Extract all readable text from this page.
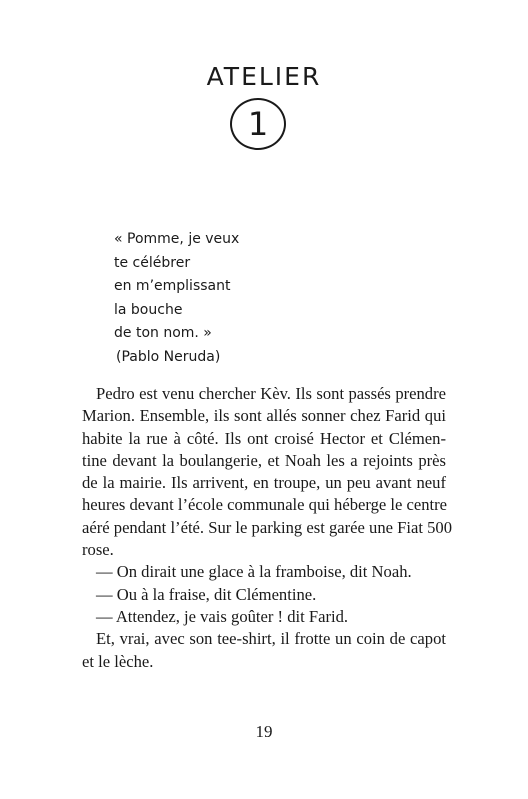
ATELIER
1
« Pomme, je veux
te célébrer
en m’emplissant
la bouche
de ton nom. »
(Pablo Neruda)
Pedro est venu chercher Kèv. Ils sont passés prendre
Marion. Ensemble, ils sont allés sonner chez Farid qui
habite la rue à côté. Ils ont croisé Hector et Clémen-
tine devant la boulangerie, et Noah les a rejoints près
de la mairie. Ils arrivent, en troupe, un peu avant neuf
heures devant l’école communale qui héberge le centre
aéré pendant l’été. Sur le parking est garée une Fiat 500
rose.
— On dirait une glace à la framboise, dit Noah.
— Ou à la fraise, dit Clémentine.
— Attendez, je vais goûter ! dit Farid.
Et, vrai, avec son tee-shirt, il frotte un coin de capot
et le lèche.
19
